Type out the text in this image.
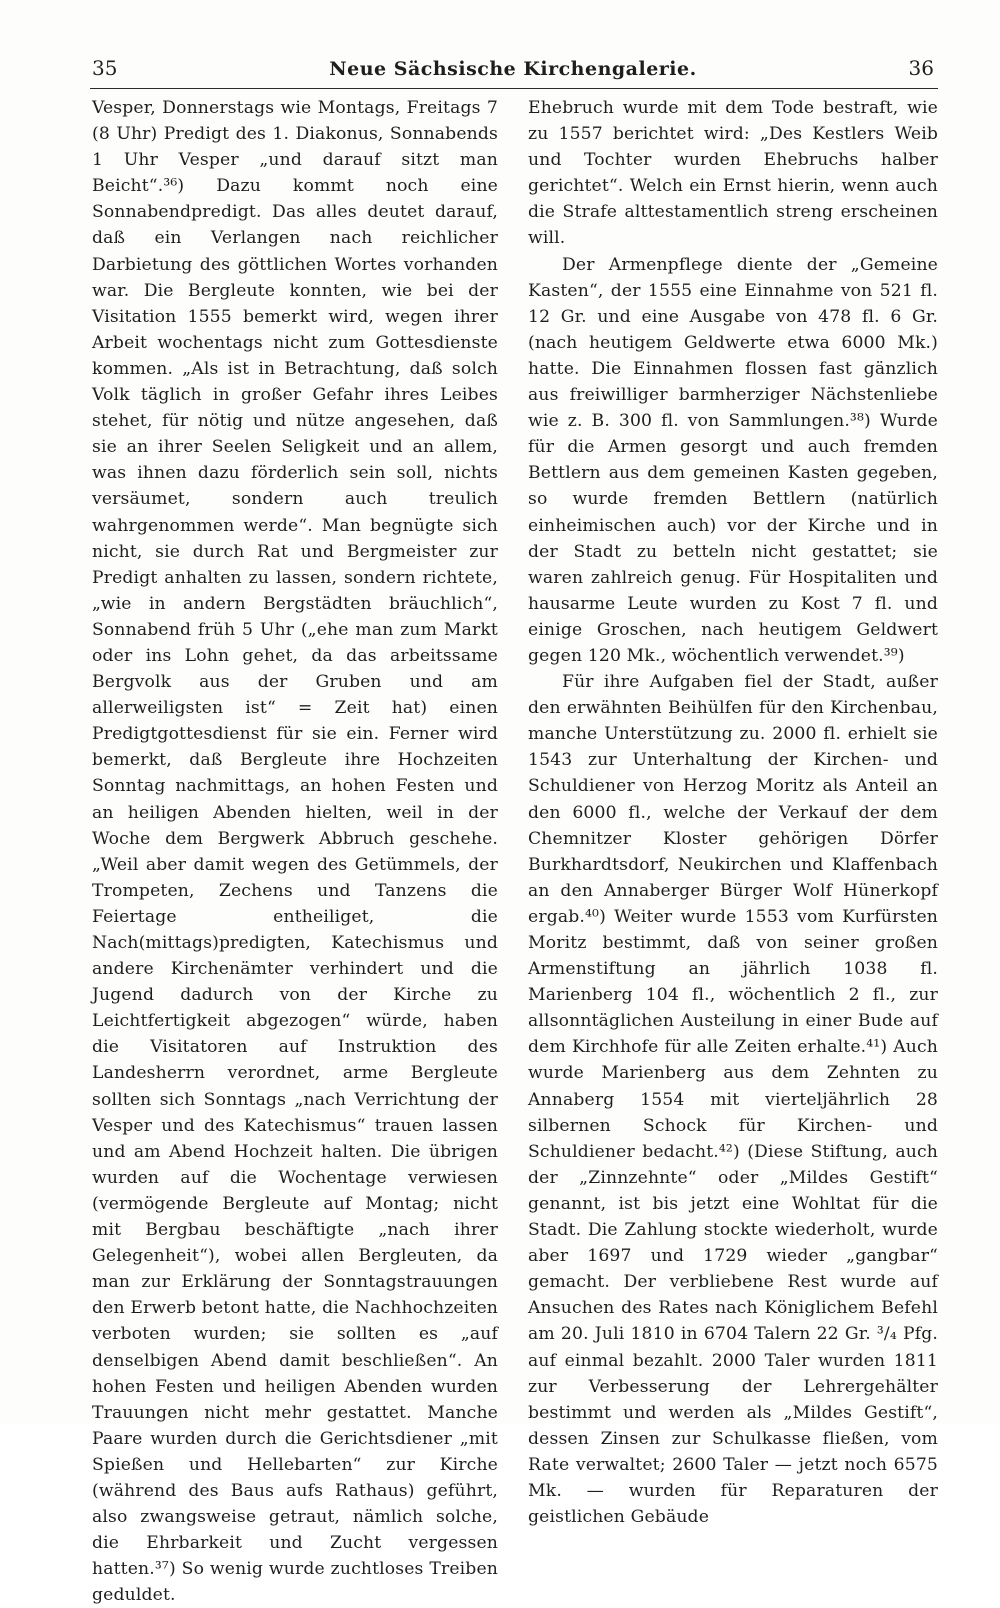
35	Neue Sächsische Kirchengalerie.	36

Vesper, Donnerstags wie Montags, Freitags 7 (8 Uhr) Predigt des 1. Diakonus, Sonnabends 1 Uhr Vesper „und darauf sitzt man Beicht“.³⁶) Dazu kommt noch eine Sonnabendpredigt. Das alles deutet darauf, daß ein Verlangen nach reichlicher Darbietung des göttlichen Wortes vorhanden war. Die Bergleute konnten, wie bei der Visitation 1555 bemerkt wird, wegen ihrer Arbeit wochentags nicht zum Gottesdienste kommen. „Als ist in Betrachtung, daß solch Volk täglich in großer Gefahr ihres Leibes stehet, für nötig und nütze angesehen, daß sie an ihrer Seelen Seligkeit und an allem, was ihnen dazu förderlich sein soll, nichts versäumet, sondern auch treulich wahrgenommen werde“. Man begnügte sich nicht, sie durch Rat und Bergmeister zur Predigt anhalten zu lassen, sondern richtete, „wie in andern Bergstädten bräuchlich“, Sonnabend früh 5 Uhr („ehe man zum Markt oder ins Lohn gehet, da das arbeitssame Bergvolk aus der Gruben und am allerweiligsten ist“ = Zeit hat) einen Predigtgottesdienst für sie ein. Ferner wird bemerkt, daß Bergleute ihre Hochzeiten Sonntag nachmittags, an hohen Festen und an heiligen Abenden hielten, weil in der Woche dem Bergwerk Abbruch geschehe. „Weil aber damit wegen des Getümmels, der Trompeten, Zechens und Tanzens die Feiertage entheiliget, die Nach(mittags)predigten, Katechismus und andere Kirchenämter verhindert und die Jugend dadurch von der Kirche zu Leichtfertigkeit abgezogen“ würde, haben die Visitatoren auf Instruktion des Landesherrn verordnet, arme Bergleute sollten sich Sonntags „nach Verrichtung der Vesper und des Katechismus“ trauen lassen und am Abend Hochzeit halten. Die übrigen wurden auf die Wochentage verwiesen (vermögende Bergleute auf Montag; nicht mit Bergbau beschäftigte „nach ihrer Gelegenheit“), wobei allen Bergleuten, da man zur Erklärung der Sonntagstrauungen den Erwerb betont hatte, die Nachhochzeiten verboten wurden; sie sollten es „auf denselbigen Abend damit beschließen“. An hohen Festen und heiligen Abenden wurden Trauungen nicht mehr gestattet. Manche Paare wurden durch die Gerichtsdiener „mit Spießen und Hellebarten“ zur Kirche (während des Baus aufs Rathaus) geführt, also zwangsweise getraut, nämlich solche, die Ehrbarkeit und Zucht vergessen hatten.³⁷) So wenig wurde zuchtloses Treiben geduldet.

Ehebruch wurde mit dem Tode bestraft, wie zu 1557 berichtet wird: „Des Kestlers Weib und Tochter wurden Ehebruchs halber gerichtet“. Welch ein Ernst hierin, wenn auch die Strafe alttestamentlich streng erscheinen will.

Der Armenpflege diente der „Gemeine Kasten“, der 1555 eine Einnahme von 521 fl. 12 Gr. und eine Ausgabe von 478 fl. 6 Gr. (nach heutigem Geldwerte etwa 6000 Mk.) hatte. Die Einnahmen flossen fast gänzlich aus freiwilliger barmherziger Nächstenliebe wie z. B. 300 fl. von Sammlungen.³⁸) Wurde für die Armen gesorgt und auch fremden Bettlern aus dem gemeinen Kasten gegeben, so wurde fremden Bettlern (natürlich einheimischen auch) vor der Kirche und in der Stadt zu betteln nicht gestattet; sie waren zahlreich genug. Für Hospitaliten und hausarme Leute wurden zu Kost 7 fl. und einige Groschen, nach heutigem Geldwert gegen 120 Mk., wöchentlich verwendet.³⁹)

Für ihre Aufgaben fiel der Stadt, außer den erwähnten Beihülfen für den Kirchenbau, manche Unterstützung zu. 2000 fl. erhielt sie 1543 zur Unterhaltung der Kirchen- und Schuldiener von Herzog Moritz als Anteil an den 6000 fl., welche der Verkauf der dem Chemnitzer Kloster gehörigen Dörfer Burkhardtsdorf, Neukirchen und Klaffenbach an den Annaberger Bürger Wolf Hünerkopf ergab.⁴⁰) Weiter wurde 1553 vom Kurfürsten Moritz bestimmt, daß von seiner großen Armenstiftung an jährlich 1038 fl. Marienberg 104 fl., wöchentlich 2 fl., zur allsonntäglichen Austeilung in einer Bude auf dem Kirchhofe für alle Zeiten erhalte.⁴¹) Auch wurde Marienberg aus dem Zehnten zu Annaberg 1554 mit vierteljährlich 28 silbernen Schock für Kirchen- und Schuldiener bedacht.⁴²) (Diese Stiftung, auch der „Zinnzehnte“ oder „Mildes Gestift“ genannt, ist bis jetzt eine Wohltat für die Stadt. Die Zahlung stockte wiederholt, wurde aber 1697 und 1729 wieder „gangbar“ gemacht. Der verbliebene Rest wurde auf Ansuchen des Rates nach Königlichem Befehl am 20. Juli 1810 in 6704 Talern 22 Gr. ³/₄ Pfg. auf einmal bezahlt. 2000 Taler wurden 1811 zur Verbesserung der Lehrergehälter bestimmt und werden als „Mildes Gestift“, dessen Zinsen zur Schulkasse fließen, vom Rate verwaltet; 2600 Taler — jetzt noch 6575 Mk. — wurden für Reparaturen der geistlichen Gebäude
